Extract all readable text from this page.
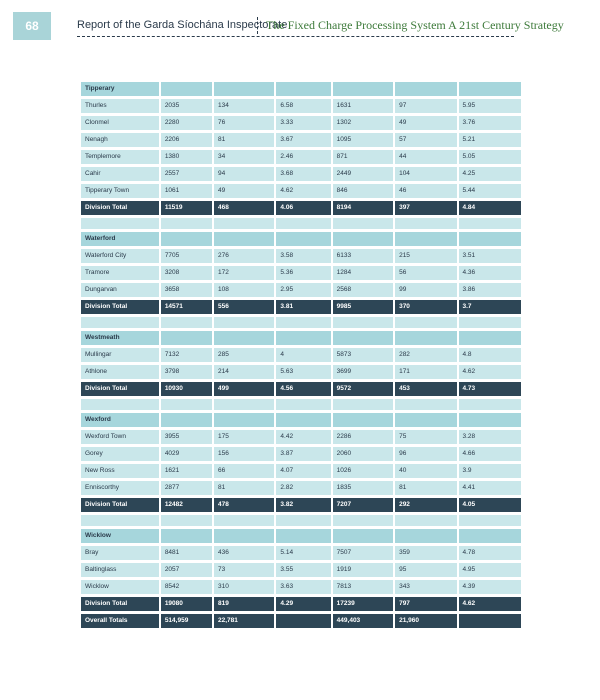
68	Report of the Garda Síochána Inspectorate
The Fixed Charge Processing System A 21st Century Strategy
Tipperary						
Thurles	2035	134	6.58	1631	97	5.95
Clonmel	2280	76	3.33	1302	49	3.76
Nenagh	2206	81	3.67	1095	57	5.21
Templemore	1380	34	2.46	871	44	5.05
Cahir	2557	94	3.68	2449	104	4.25
Tipperary Town	1061	49	4.62	846	46	5.44
Division Total	11519	468	4.06	8194	397	4.84

Waterford						
Waterford City	7705	276	3.58	6133	215	3.51
Tramore	3208	172	5.36	1284	56	4.36
Dungarvan	3658	108	2.95	2568	99	3.86
Division Total	14571	556	3.81	9985	370	3.7

Westmeath						
Mullingar	7132	285	4	5873	282	4.8
Athlone	3798	214	5.63	3699	171	4.62
Division Total	10930	499	4.56	9572	453	4.73

Wexford						
Wexford Town	3955	175	4.42	2286	75	3.28
Gorey	4029	156	3.87	2060	96	4.66
New Ross	1621	66	4.07	1026	40	3.9
Enniscorthy	2877	81	2.82	1835	81	4.41
Division Total	12482	478	3.82	7207	292	4.05

Wicklow						
Bray	8481	436	5.14	7507	359	4.78
Baltinglass	2057	73	3.55	1919	95	4.95
Wicklow	8542	310	3.63	7813	343	4.39
Division Total	19080	819	4.29	17239	797	4.62
Overall Totals	514,959	22,781		449,403	21,960	
